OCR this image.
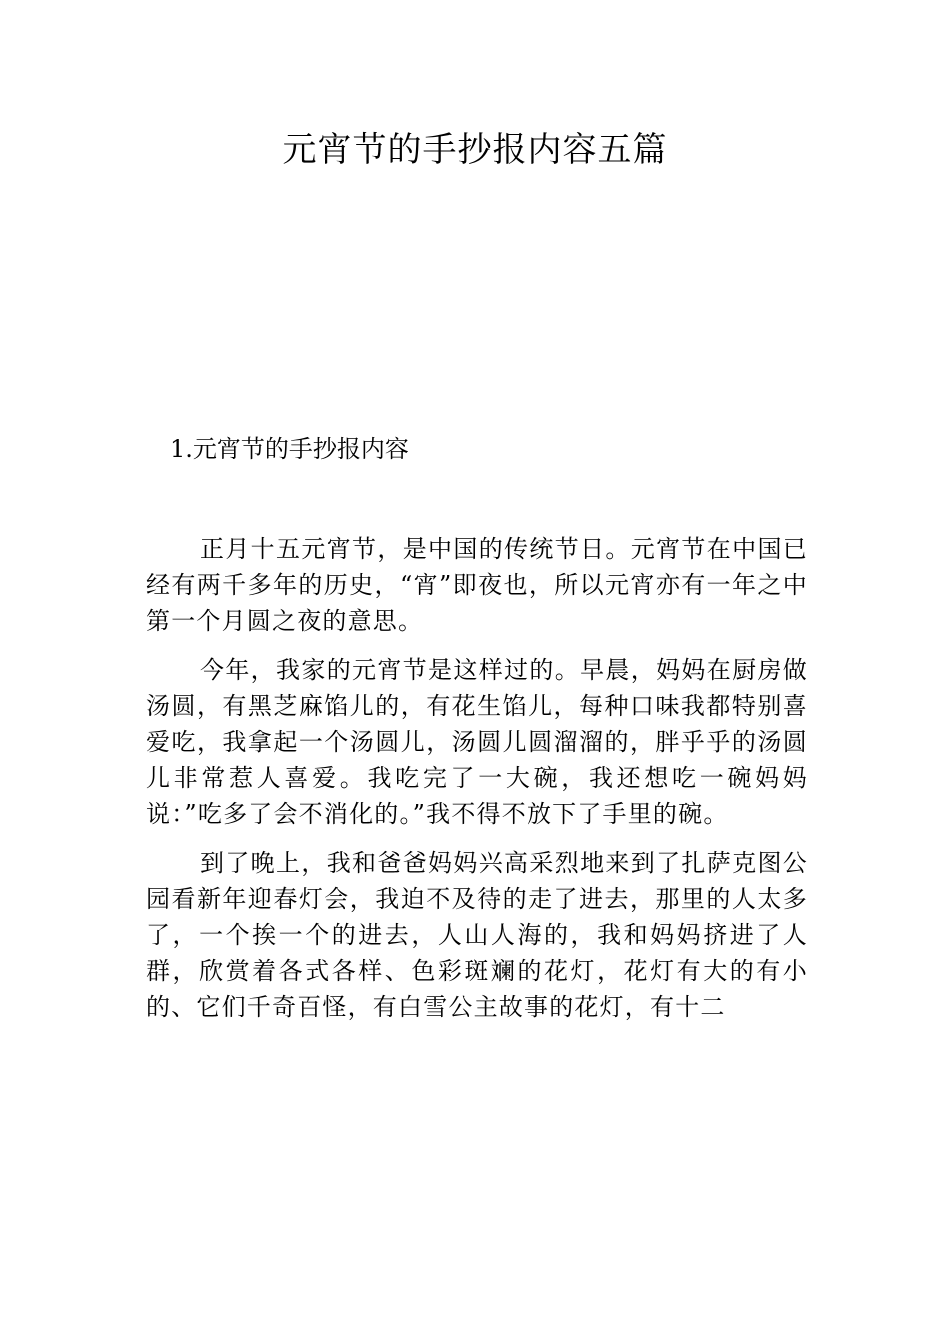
元宵节的手抄报内容五篇
1.元宵节的手抄报内容

正月十五元宵节，是中国的传统节日。元宵节在中国已经有两千多年的历史，“宵”即夜也，所以元宵亦有一年之中第一个月圆之夜的意思。

今年，我家的元宵节是这样过的。早晨，妈妈在厨房做汤圆，有黑芝麻馅儿的，有花生馅儿，每种口味我都特别喜爱吃，我拿起一个汤圆儿，汤圆儿圆溜溜的，胖乎乎的汤圆儿非常惹人喜爱。我吃完了一大碗，我还想吃一碗妈妈说：”吃多了会不消化的。”我不得不放下了手里的碗。

到了晚上，我和爸爸妈妈兴高采烈地来到了扎萨克图公园看新年迎春灯会，我迫不及待的走了进去，那里的人太多了，一个挨一个的进去，人山人海的，我和妈妈挤进了人群，欣赏着各式各样、色彩斑斓的花灯，花灯有大的有小的、它们千奇百怪，有白雪公主故事的花灯，有十二
